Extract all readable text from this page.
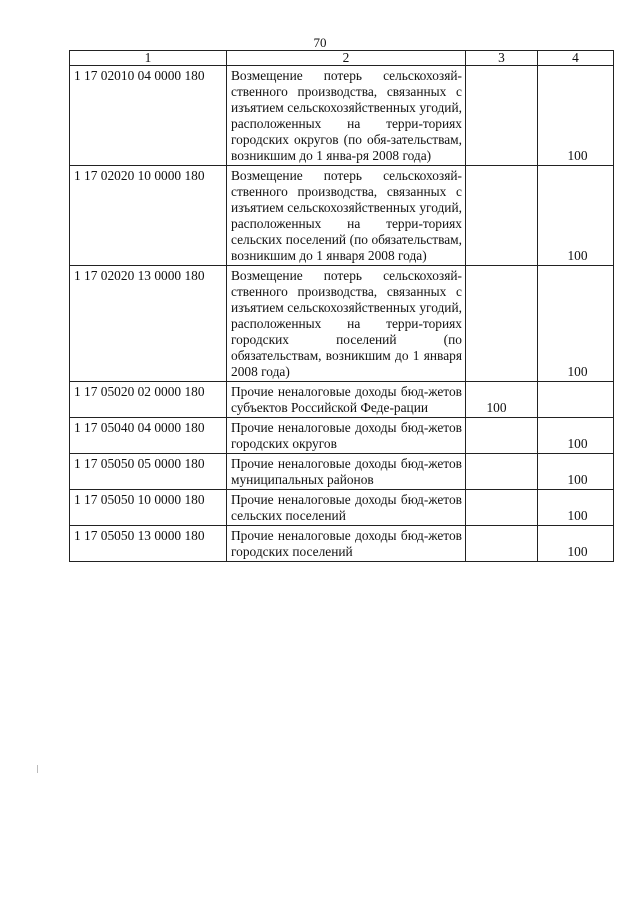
70
1	2	3	4
1 17 02010 04 0000 180	Возмещение потерь сельскохозяй-ственного производства, связанных с изъятием сельскохозяйственных угодий, расположенных на терри-ториях городских округов (по обя-зательствам, возникшим до 1 янва-ря 2008 года)		100
1 17 02020 10 0000 180	Возмещение потерь сельскохозяй-ственного производства, связанных с изъятием сельскохозяйственных угодий, расположенных на терри-ториях сельских поселений (по обязательствам, возникшим до 1 января 2008 года)		100
1 17 02020 13 0000 180	Возмещение потерь сельскохозяй-ственного производства, связанных с изъятием сельскохозяйственных угодий, расположенных на терри-ториях городских поселений (по обязательствам, возникшим до 1 января 2008 года)		100
1 17 05020 02 0000 180	Прочие неналоговые доходы бюд-жетов субъектов Российской Феде-рации	100	
1 17 05040 04 0000 180	Прочие неналоговые доходы бюд-жетов городских округов		100
1 17 05050 05 0000 180	Прочие неналоговые доходы бюд-жетов муниципальных районов		100
1 17 05050 10 0000 180	Прочие неналоговые доходы бюд-жетов сельских поселений		100
1 17 05050 13 0000 180	Прочие неналоговые доходы бюд-жетов городских поселений		100
